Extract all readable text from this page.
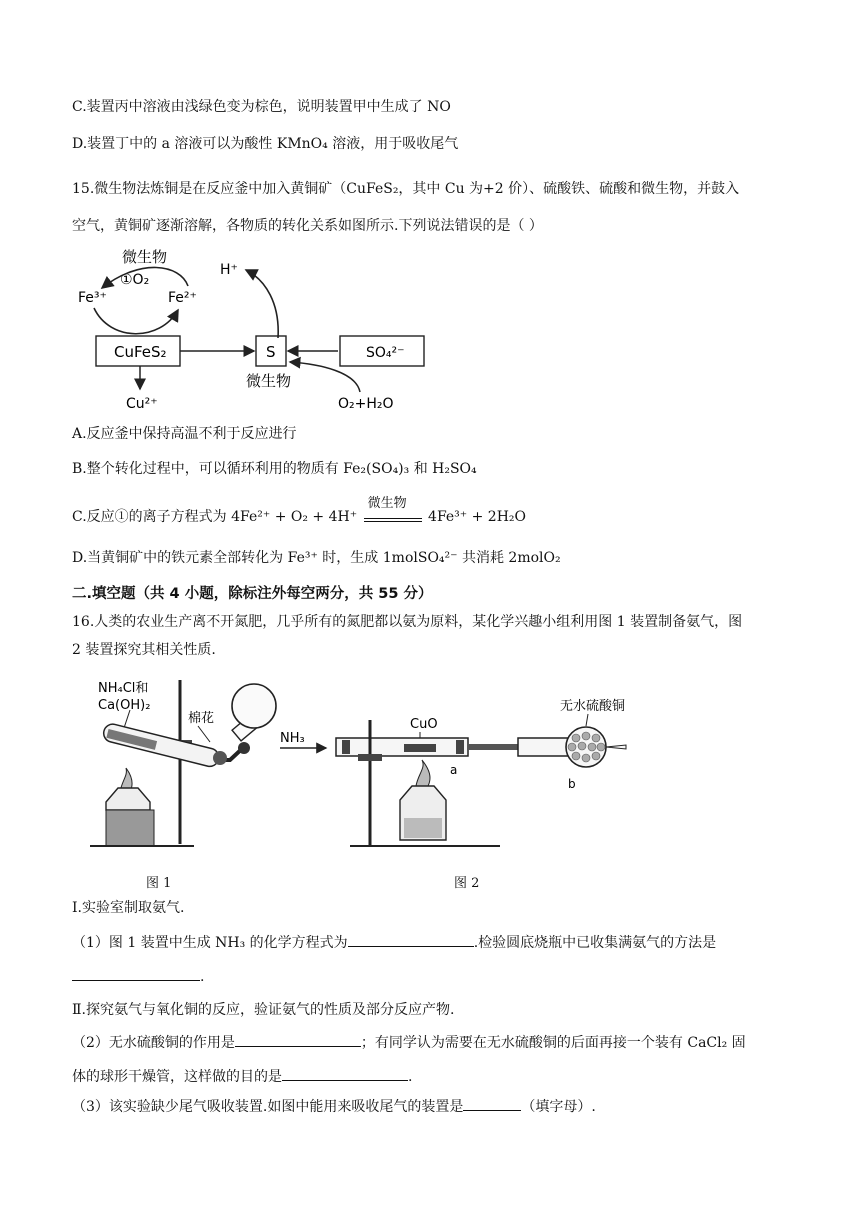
C.装置丙中溶液由浅绿色变为棕色，说明装置甲中生成了 NO
D.装置丁中的 a 溶液可以为酸性 KMnO₄ 溶液，用于吸收尾气
15.微生物法炼铜是在反应釜中加入黄铜矿（CuFeS₂，其中 Cu 为+2 价）、硫酸铁、硫酸和微生物，并鼓入
空气，黄铜矿逐渐溶解，各物质的转化关系如图所示.下列说法错误的是（ ）
微生物
①O₂
Fe³⁺	Fe²⁺
H⁺
CuFeS₂	S	SO₄²⁻
Cu²⁺
微生物
O₂+H₂O
A.反应釜中保持高温不利于反应进行
B.整个转化过程中，可以循环利用的物质有 Fe₂(SO₄)₃ 和 H₂SO₄
C.反应①的离子方程式为 4Fe²⁺ + O₂ + 4H⁺
微生物
4Fe³⁺ + 2H₂O
D.当黄铜矿中的铁元素全部转化为 Fe³⁺ 时，生成 1molSO₄²⁻ 共消耗 2molO₂
二.填空题（共 4 小题，除标注外每空两分，共 55 分）
16.人类的农业生产离不开氮肥，几乎所有的氮肥都以氨为原料，某化学兴趣小组利用图 1 装置制备氨气，图
2 装置探究其相关性质.
NH₄Cl和
Ca(OH)₂
棉花
图 1
NH₃
CuO
a
无水硫酸铜
b
图 2
Ⅰ.实验室制取氨气.
（1）图 1 装置中生成 NH₃ 的化学方程式为	.检验圆底烧瓶中已收集满氨气的方法是
.
Ⅱ.探究氨气与氧化铜的反应，验证氨气的性质及部分反应产物.
（2）无水硫酸铜的作用是	；有同学认为需要在无水硫酸铜的后面再接一个装有 CaCl₂ 固
体的球形干燥管，这样做的目的是	.
（3）该实验缺少尾气吸收装置.如图中能用来吸收尾气的装置是	（填字母）.
